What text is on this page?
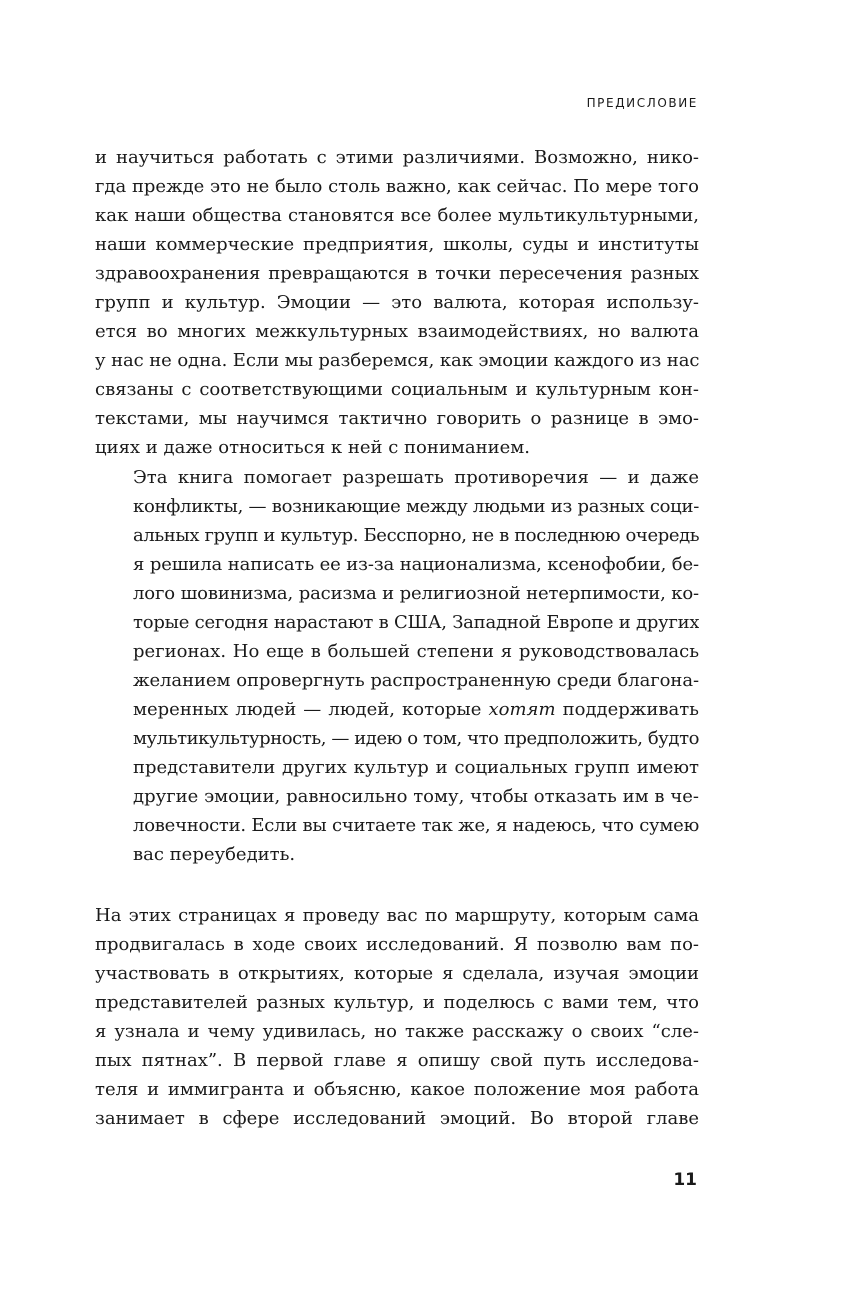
ПРЕДИСЛОВИЕ
и научиться работать с этими различиями. Возможно, нико-
гда прежде это не было столь важно, как сейчас. По мере того
как наши общества становятся все более мультикультурными,
наши коммерческие предприятия, школы, суды и институты
здравоохранения превращаются в точки пересечения разных
групп и культур. Эмоции — это валюта, которая использу-
ется во многих межкультурных взаимодействиях, но валюта
у нас не одна. Если мы разберемся, как эмоции каждого из нас
связаны с соответствующими социальным и культурным кон-
текстами, мы научимся тактично говорить о разнице в эмо-
циях и даже относиться к ней с пониманием.
Эта книга помогает разрешать противоречия — и даже
конфликты, — возникающие между людьми из разных соци-
альных групп и культур. Бесспорно, не в последнюю очередь
я решила написать ее из-за национализма, ксенофобии, бе-
лого шовинизма, расизма и религиозной нетерпимости, ко-
торые сегодня нарастают в США, Западной Европе и других
регионах. Но еще в большей степени я руководствовалась
желанием опровергнуть распространенную среди благона-
меренных людей — людей, которые хотят поддерживать
мультикультурность, — идею о том, что предположить, будто
представители других культур и социальных групп имеют
другие эмоции, равносильно тому, чтобы отказать им в че-
ловечности. Если вы считаете так же, я надеюсь, что сумею
вас переубедить.
На этих страницах я проведу вас по маршруту, которым сама
продвигалась в ходе своих исследований. Я позволю вам по-
участвовать в открытиях, которые я сделала, изучая эмоции
представителей разных культур, и поделюсь с вами тем, что
я узнала и чему удивилась, но также расскажу о своих “сле-
пых пятнах”. В первой главе я опишу свой путь исследова-
теля и иммигранта и объясню, какое положение моя работа
занимает в сфере исследований эмоций. Во второй главе
11
